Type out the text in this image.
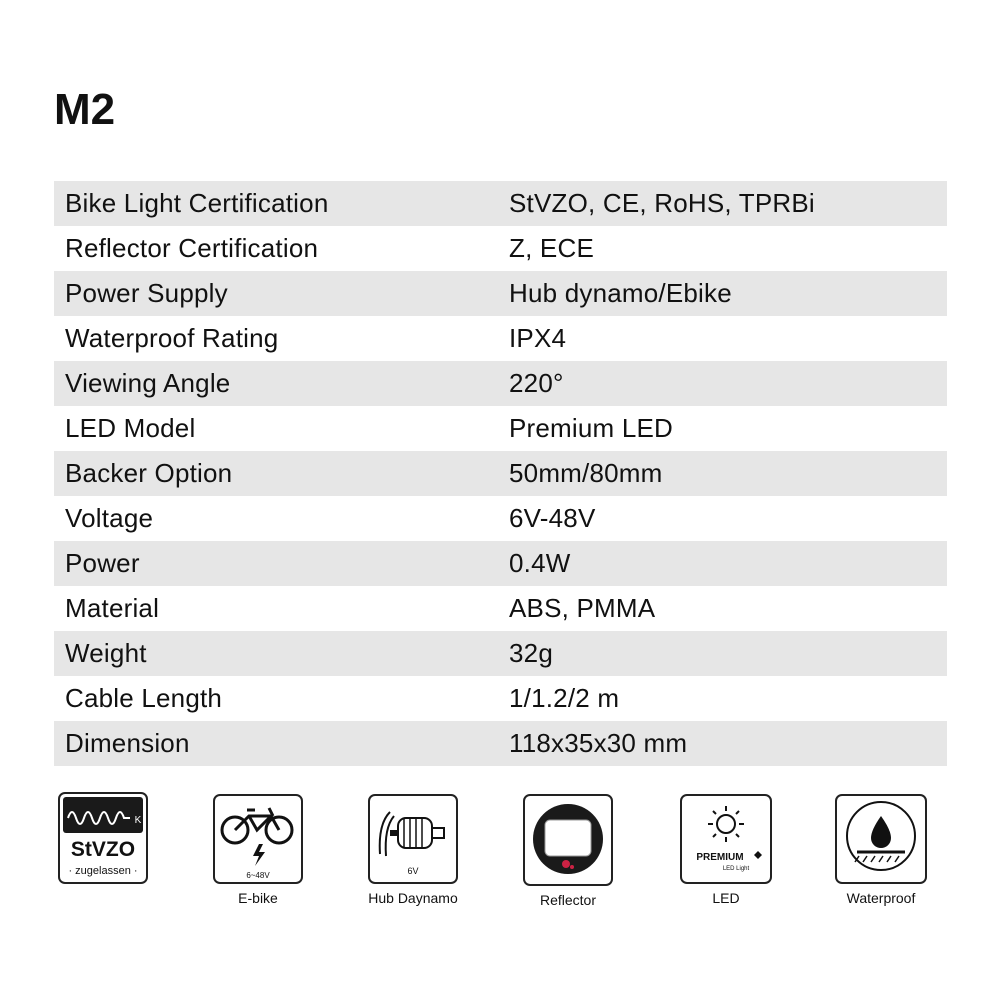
M2
Bike Light Certification	StVZO, CE, RoHS, TPRBi
Reflector Certification	Z, ECE
Power Supply	Hub dynamo/Ebike
Waterproof Rating	IPX4
Viewing Angle	220°
LED Model	Premium LED
Backer Option	50mm/80mm
Voltage	6V-48V
Power	0.4W
Material	ABS, PMMA
Weight	32g
Cable Length	1/1.2/2 m
Dimension	118x35x30 mm
K
StVZO
· zugelassen ·	6~48V
E-bike
6V
Hub Daynamo	Reflector
PREMIUM
LED Light
LED	Waterproof
